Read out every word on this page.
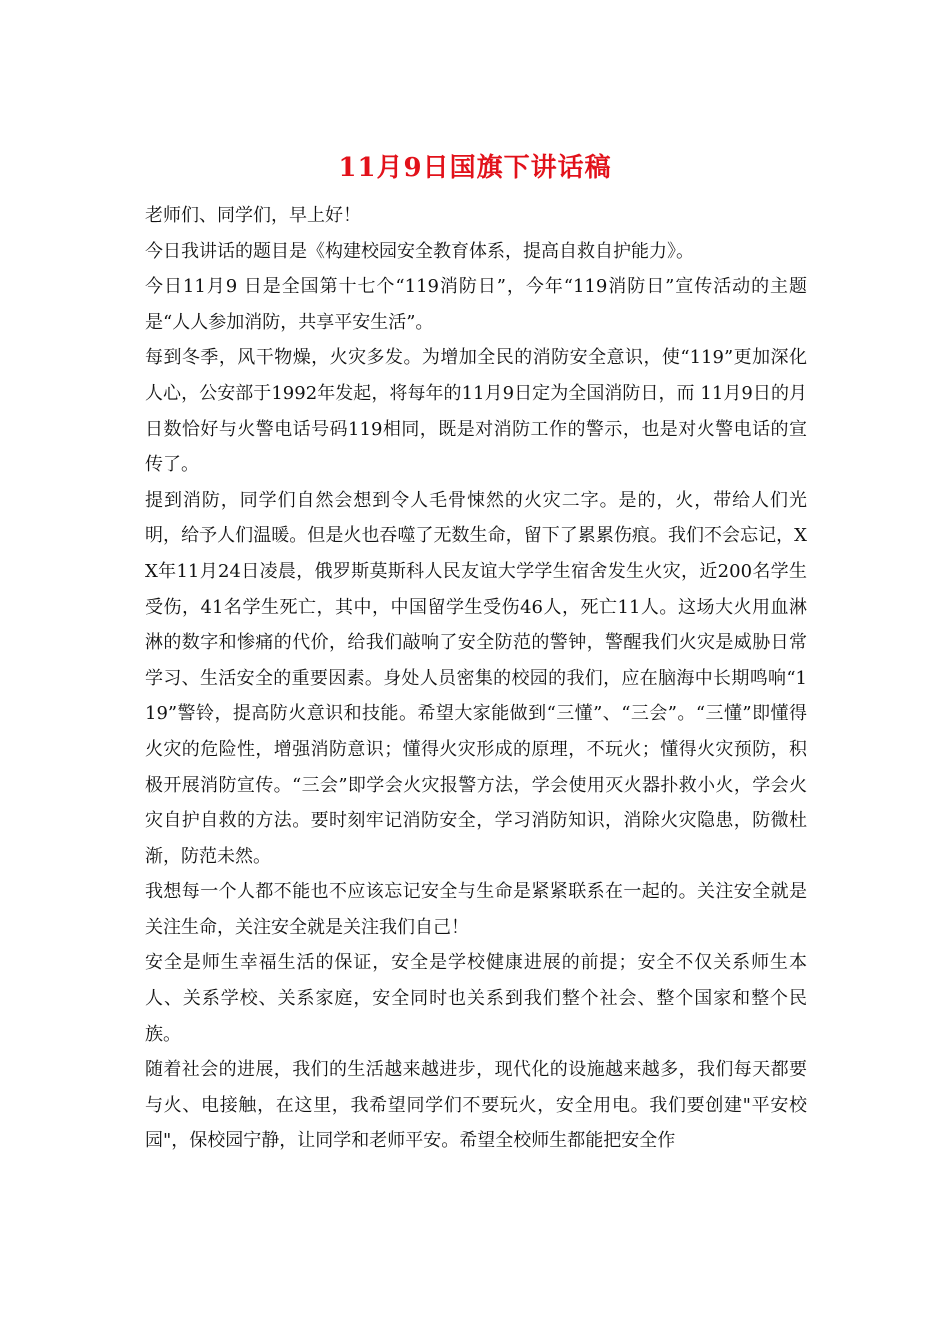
11月9日国旗下讲话稿

老师们、同学们，早上好！

今日我讲话的题目是《构建校园安全教育体系，提高自救自护能力》。

今日11月9 日是全国第十七个“119消防日”，今年“119消防日”宣传活动的主题是“人人参加消防，共享平安生活”。

每到冬季，风干物燥，火灾多发。为增加全民的消防安全意识，使“119”更加深化人心，公安部于1992年发起，将每年的11月9日定为全国消防日，而 11月9日的月日数恰好与火警电话号码119相同，既是对消防工作的警示，也是对火警电话的宣传了。

提到消防，同学们自然会想到令人毛骨悚然的火灾二字。是的，火，带给人们光明，给予人们温暖。但是火也吞噬了无数生命，留下了累累伤痕。我们不会忘记，XX年11月24日凌晨，俄罗斯莫斯科人民友谊大学学生宿舍发生火灾，近200名学生受伤，41名学生死亡，其中，中国留学生受伤46人，死亡11人。这场大火用血淋淋的数字和惨痛的代价，给我们敲响了安全防范的警钟，警醒我们火灾是威胁日常学习、生活安全的重要因素。身处人员密集的校园的我们，应在脑海中长期鸣响“119”警铃，提高防火意识和技能。希望大家能做到“三懂”、“三会”。“三懂”即懂得火灾的危险性，增强消防意识；懂得火灾形成的原理，不玩火；懂得火灾预防，积极开展消防宣传。“三会”即学会火灾报警方法，学会使用灭火器扑救小火，学会火灾自护自救的方法。要时刻牢记消防安全，学习消防知识，消除火灾隐患，防微杜渐，防范未然。

我想每一个人都不能也不应该忘记安全与生命是紧紧联系在一起的。关注安全就是关注生命，关注安全就是关注我们自己！

安全是师生幸福生活的保证，安全是学校健康进展的前提；安全不仅关系师生本人、关系学校、关系家庭，安全同时也关系到我们整个社会、整个国家和整个民族。

随着社会的进展，我们的生活越来越进步，现代化的设施越来越多，我们每天都要与火、电接触，在这里，我希望同学们不要玩火，安全用电。我们要创建"平安校园"，保校园宁静，让同学和老师平安。希望全校师生都能把安全作
